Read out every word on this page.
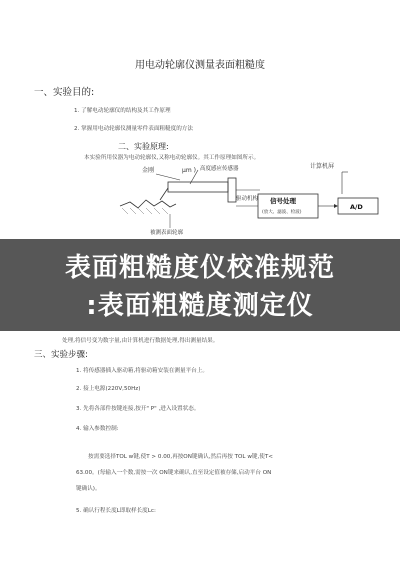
用电动轮廓仪测量表面粗糙度
一、实验目的:
1. 了解电动轮廓仪的结构及其工作原理
2. 掌握用电动轮廓仪测量零件表面粗糙度的方法
二、实验原理:
本实验所用仪器为电动轮廓仪,又称电动轮廓仪。其工作原理如图所示。
金刚	μm ) 高度感应传感器
驱动机构
计算机屏
信号处理
(放大、滤波、检波)
A/D
被测表面轮廓
处理,将信号变为数字量,由计算机进行数据处理,得出测量结果。
三、实验步骤:
1. 将传感器插入驱动箱,将驱动箱安装在测量平台上。
2. 接上电源(220V,50Hz)
3. 先将各部件按键连接,按开" P" ,进入设置状态。
4. 输入参数控制:
按需要选择TOL w键,使T > 0.00,再按ON键确认,然后再按 TOL w键,使T<
63.00。(每输入一个数,需按一次 ON键来确认,直至设定值被存储,启动平台 ON
键确认)。
5. 确认行程长度L即取样长度Lc:
表面粗糙度仪校准规范
:表面粗糙度测定仪
